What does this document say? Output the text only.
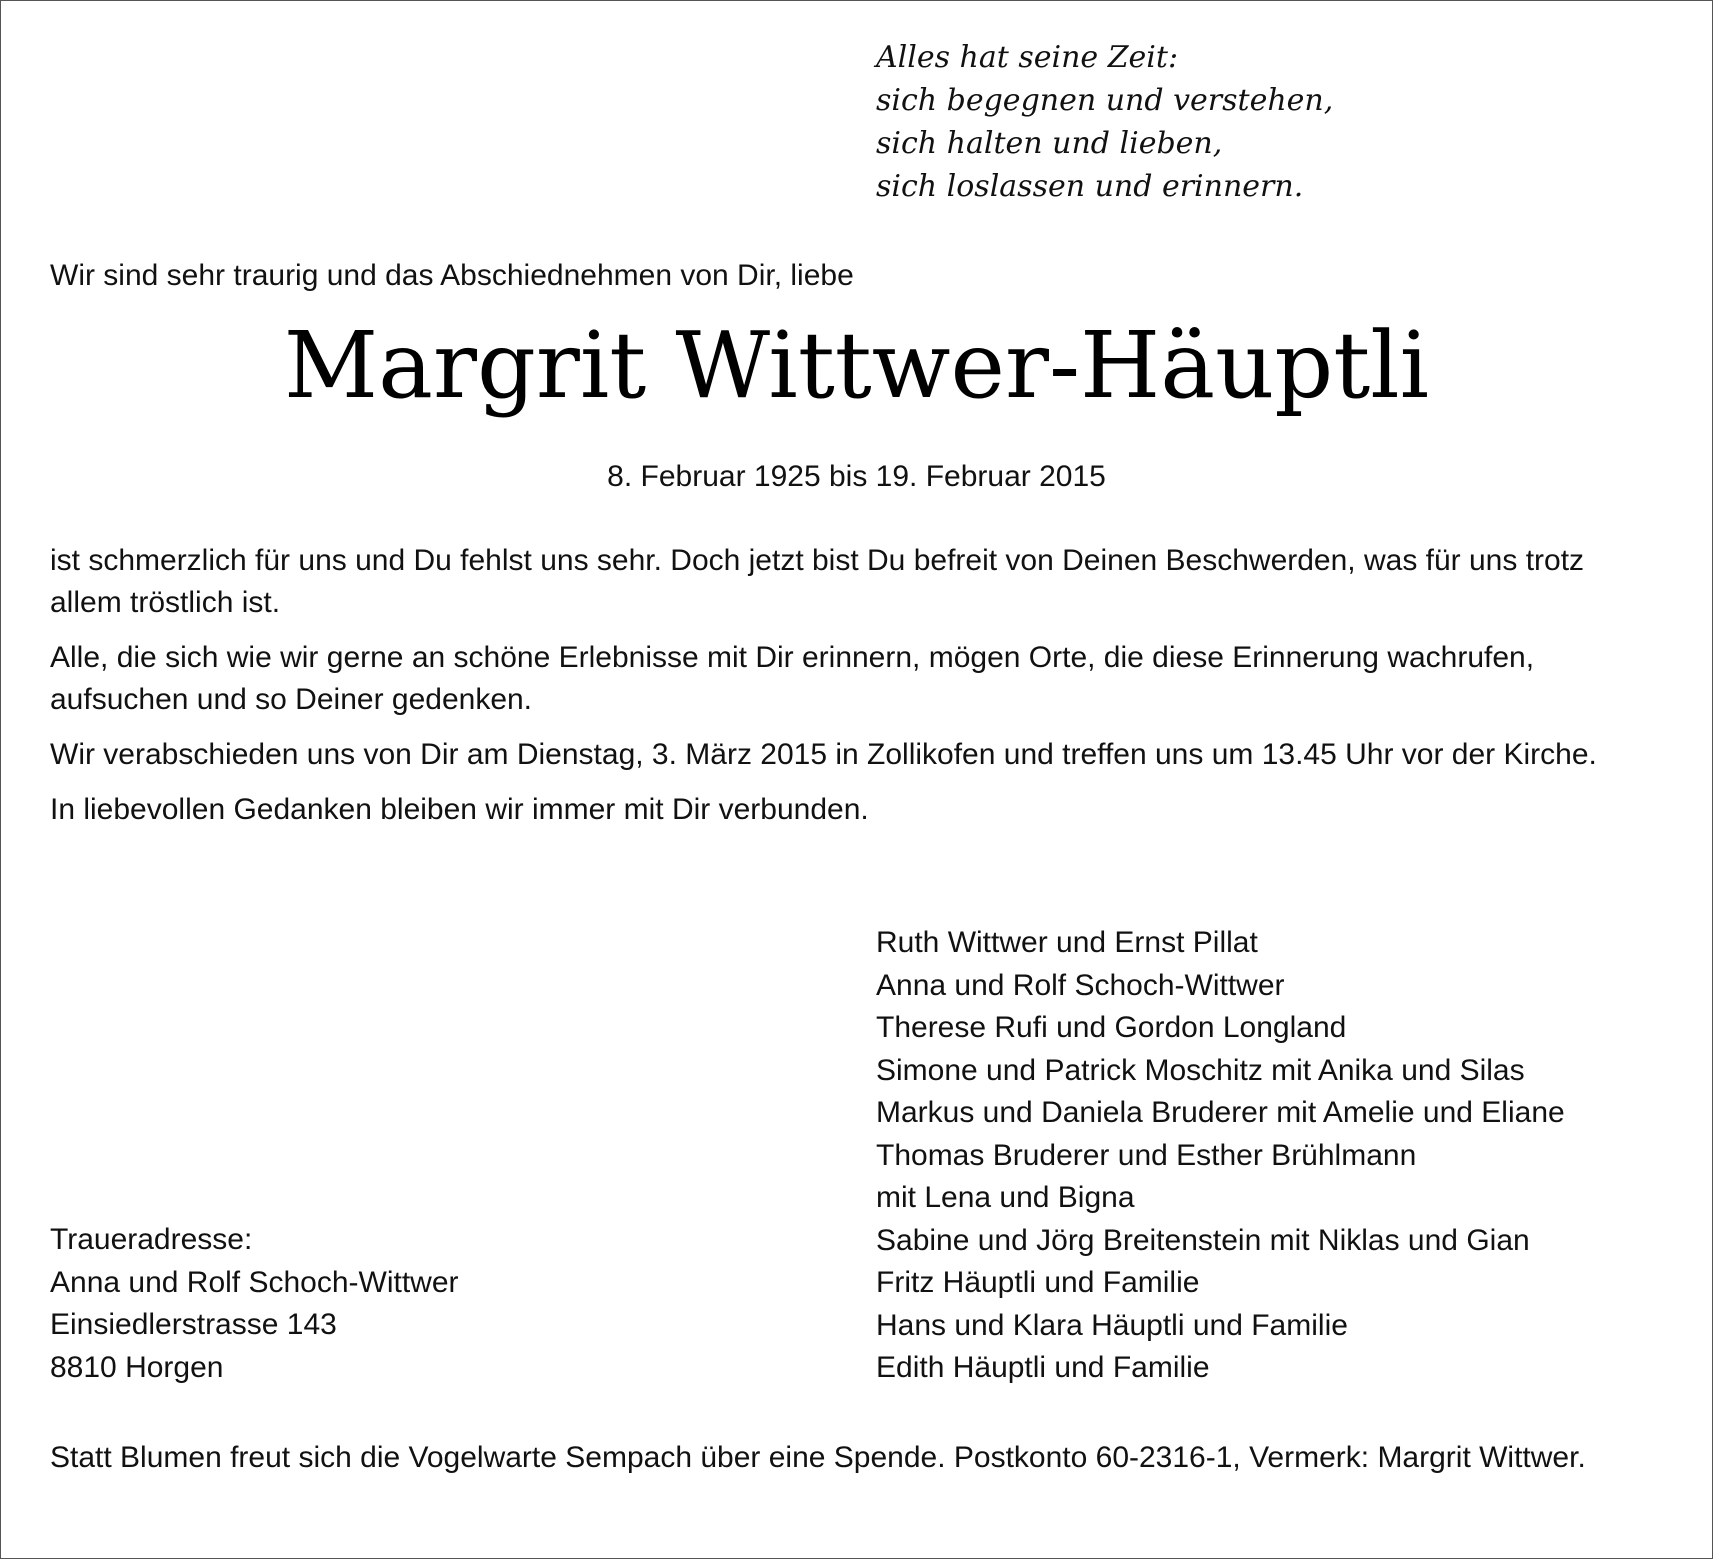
Alles hat seine Zeit:
sich begegnen und verstehen,
sich halten und lieben,
sich loslassen und erinnern.
Wir sind sehr traurig und das Abschiednehmen von Dir, liebe
Margrit Wittwer-Häuptli
8. Februar 1925 bis 19. Februar 2015

ist schmerzlich für uns und Du fehlst uns sehr. Doch jetzt bist Du befreit von Deinen Beschwerden, was für uns trotz allem tröstlich ist.

Alle, die sich wie wir gerne an schöne Erlebnisse mit Dir erinnern, mögen Orte, die diese Erinnerung wachrufen, aufsuchen und so Deiner gedenken.

Wir verabschieden uns von Dir am Dienstag, 3. März 2015 in Zollikofen und treffen uns um 13.45 Uhr vor der Kirche.

In liebevollen Gedanken bleiben wir immer mit Dir verbunden.

Ruth Wittwer und Ernst Pillat
Anna und Rolf Schoch-Wittwer
Therese Rufi und Gordon Longland
Simone und Patrick Moschitz mit Anika und Silas
Markus und Daniela Bruderer mit Amelie und Eliane
Thomas Bruderer und Esther Brühlmann
mit Lena und Bigna
Sabine und Jörg Breitenstein mit Niklas und Gian
Fritz Häuptli und Familie
Hans und Klara Häuptli und Familie
Edith Häuptli und Familie
Traueradresse:
Anna und Rolf Schoch-Wittwer
Einsiedlerstrasse 143
8810 Horgen
Statt Blumen freut sich die Vogelwarte Sempach über eine Spende. Postkonto 60-2316-1, Vermerk: Margrit Wittwer.
